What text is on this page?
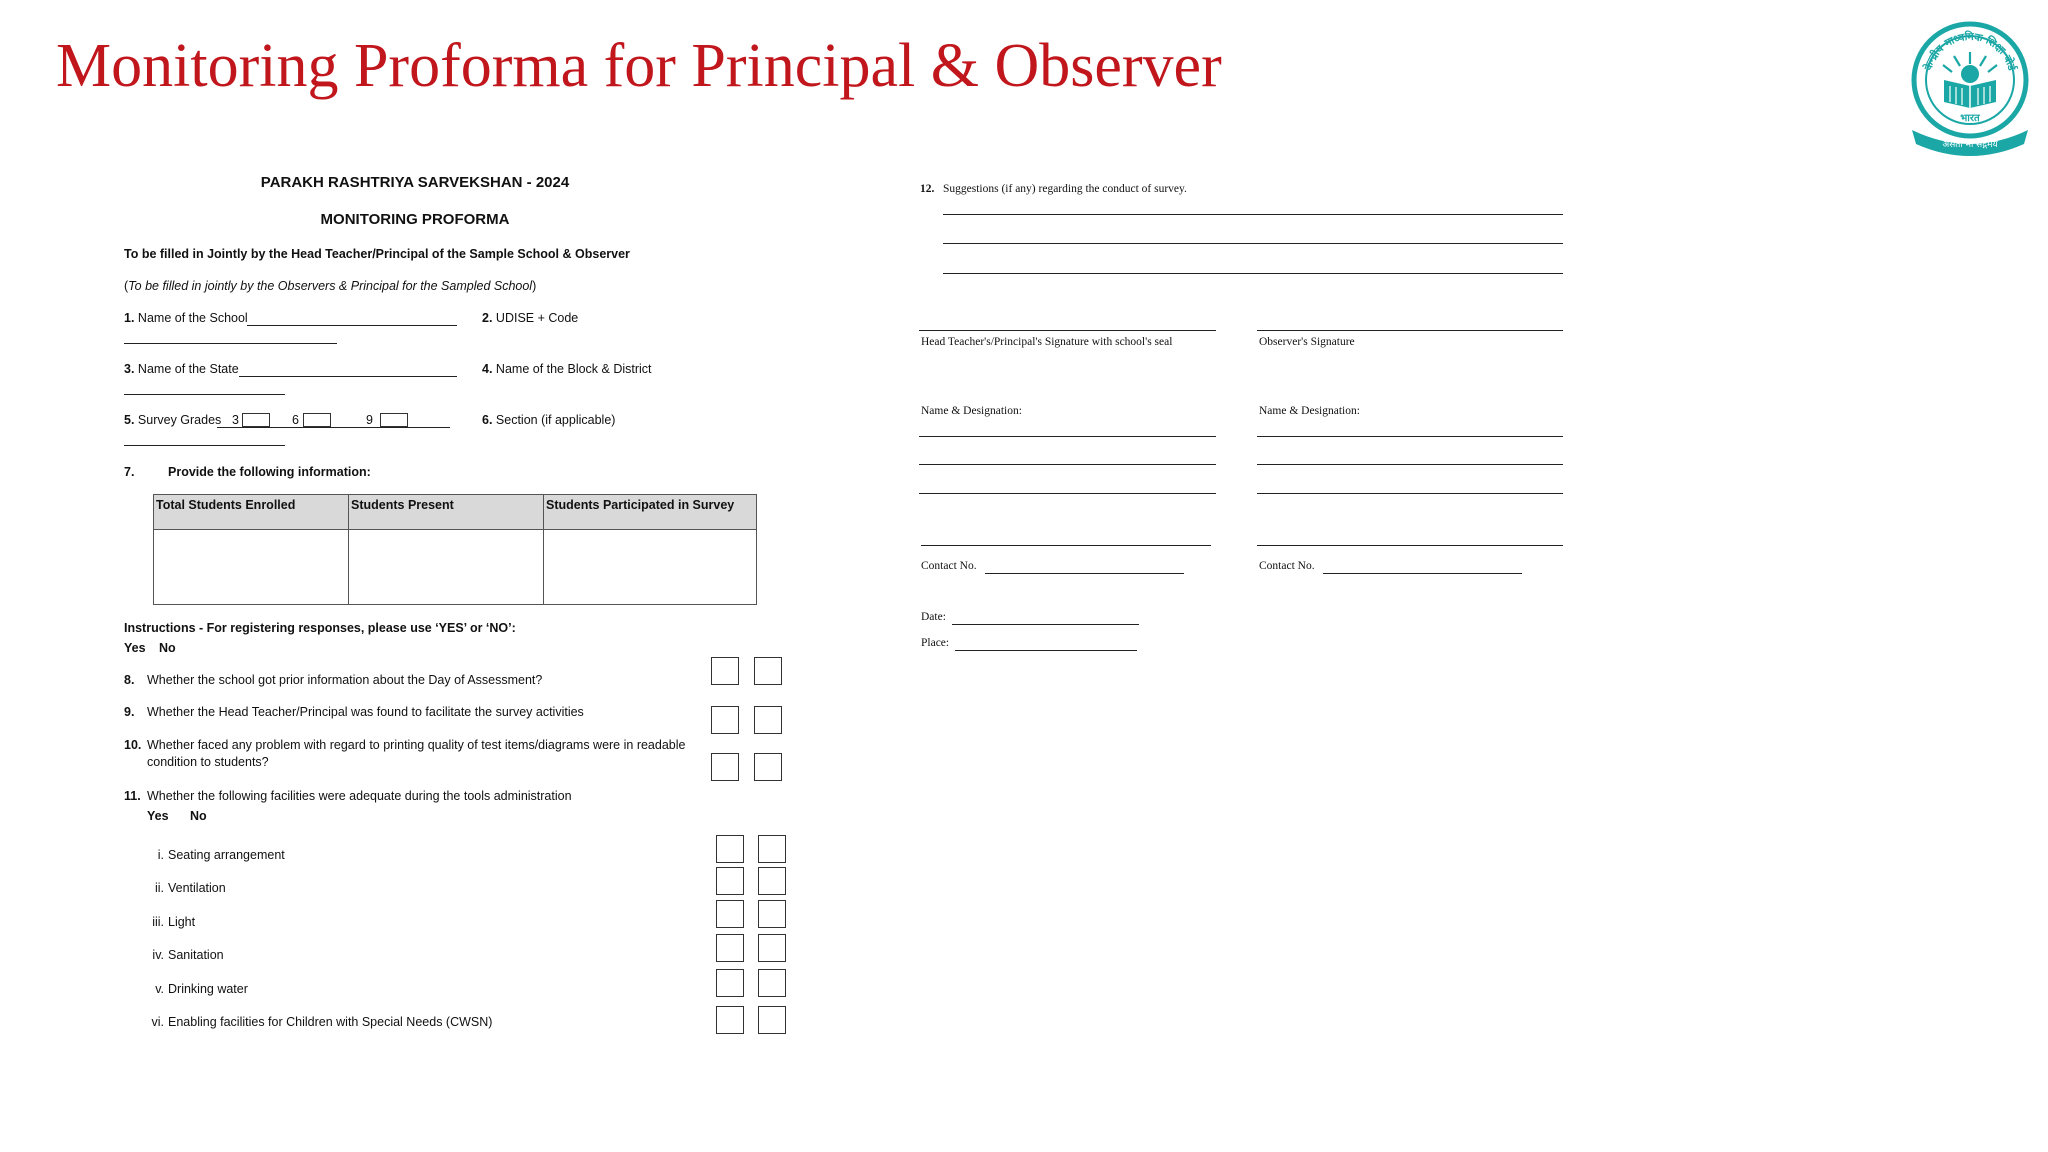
Monitoring Proforma for Principal & Observer	केन्द्रीय माध्यमिक शिक्षा बोर्ड
भारत
असतो मा सद्गमय
PARAKH RASHTRIYA SARVEKSHAN - 2024
MONITORING PROFORMA
To be filled in Jointly by the Head Teacher/Principal of the Sample School & Observer
(To be filled in jointly by the Observers & Principal for the Sampled School)
1. Name of the School	2. UDISE + Code
3. Name of the State	4. Name of the Block & District
5. Survey Grades 3	6	9	6. Section (if applicable)
7.	Provide the following information:
Total Students Enrolled	Students Present	Students Participated in Survey

Instructions - For registering responses, please use ‘YES’ or ‘NO’:
Yes No
8. Whether the school got prior information about the Day of Assessment?
9. Whether the Head Teacher/Principal was found to facilitate the survey activities
10. Whether faced any problem with regard to printing quality of test items/diagrams were in readable
condition to students?
11. Whether the following facilities were adequate during the tools administration
Yes No
i. Seating arrangement
ii. Ventilation
iii. Light
iv. Sanitation
v. Drinking water
vi. Enabling facilities for Children with Special Needs (CWSN)
12. Suggestions (if any) regarding the conduct of survey.
Head Teacher's/Principal's Signature with school's seal	Observer's Signature
Name & Designation:	Name & Designation:
Contact No.	Contact No.
Date:
Place:
